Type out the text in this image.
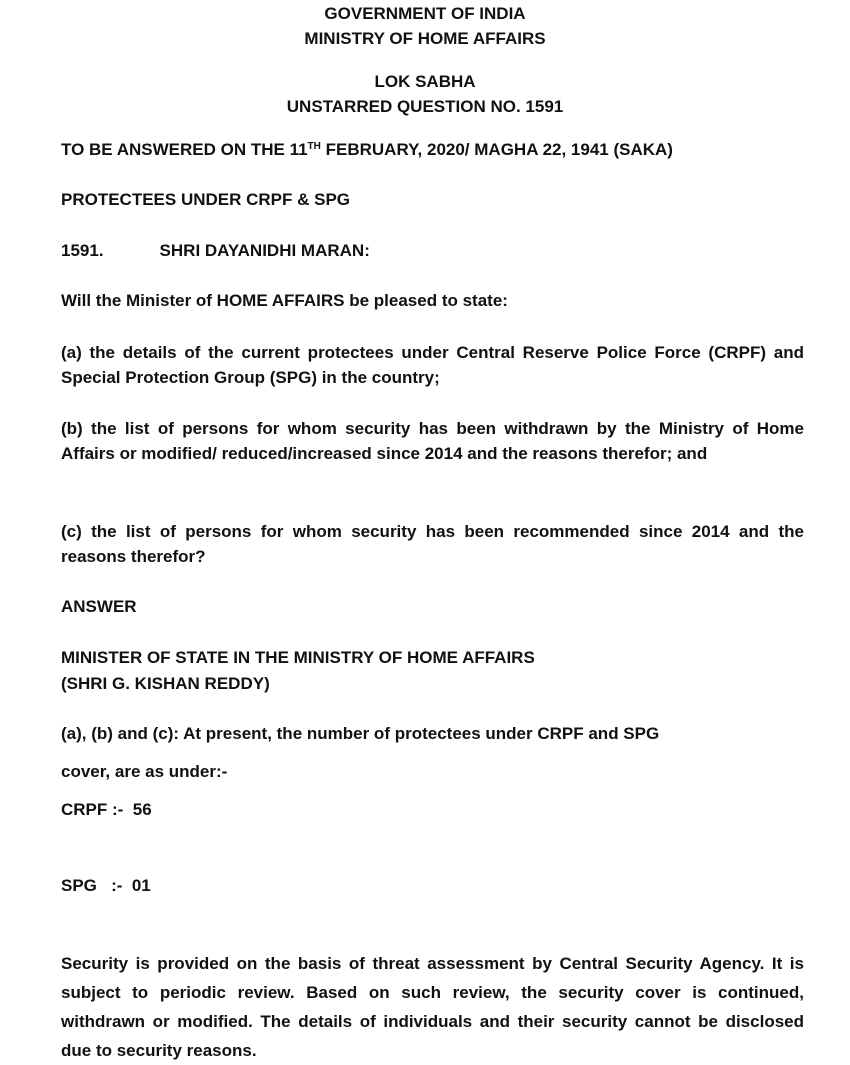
GOVERNMENT OF INDIA
MINISTRY OF HOME AFFAIRS
LOK SABHA
UNSTARRED QUESTION NO. 1591
TO BE ANSWERED ON THE 11TH FEBRUARY, 2020/ MAGHA 22, 1941 (SAKA)
PROTECTEES UNDER CRPF & SPG
1591.	SHRI DAYANIDHI MARAN:
Will the Minister of HOME AFFAIRS be pleased to state:
(a) the details of the current protectees under Central Reserve Police Force (CRPF) and Special Protection Group (SPG) in the country;
(b) the list of persons for whom security has been withdrawn by the Ministry of Home Affairs or modified/ reduced/increased since 2014 and the reasons therefor; and
(c) the list of persons for whom security has been recommended since 2014 and the reasons therefor?
ANSWER
MINISTER OF STATE IN THE MINISTRY OF HOME AFFAIRS
(SHRI G. KISHAN REDDY)
(a), (b) and (c): At present, the number of protectees under CRPF and SPG
cover, are as under:-
CRPF :-  56
SPG   :-  01
Security is provided on the basis of threat assessment by Central Security Agency. It is subject to periodic review. Based on such review, the security cover is continued, withdrawn or modified. The details of individuals and their security cannot be disclosed due to security reasons.
